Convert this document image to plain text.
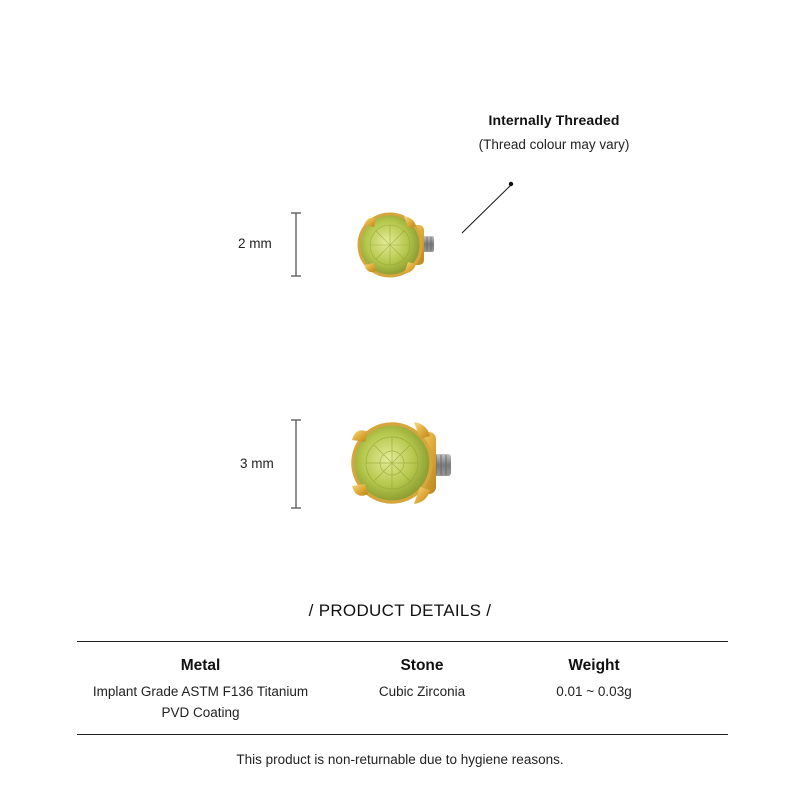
Internally Threaded
(Thread colour may vary)
2 mm
3 mm
/ PRODUCT DETAILS /
Metal
Implant Grade ASTM F136 Titanium
PVD Coating
Stone
Cubic Zirconia
Weight
0.01 ~ 0.03g
This product is non-returnable due to hygiene reasons.
